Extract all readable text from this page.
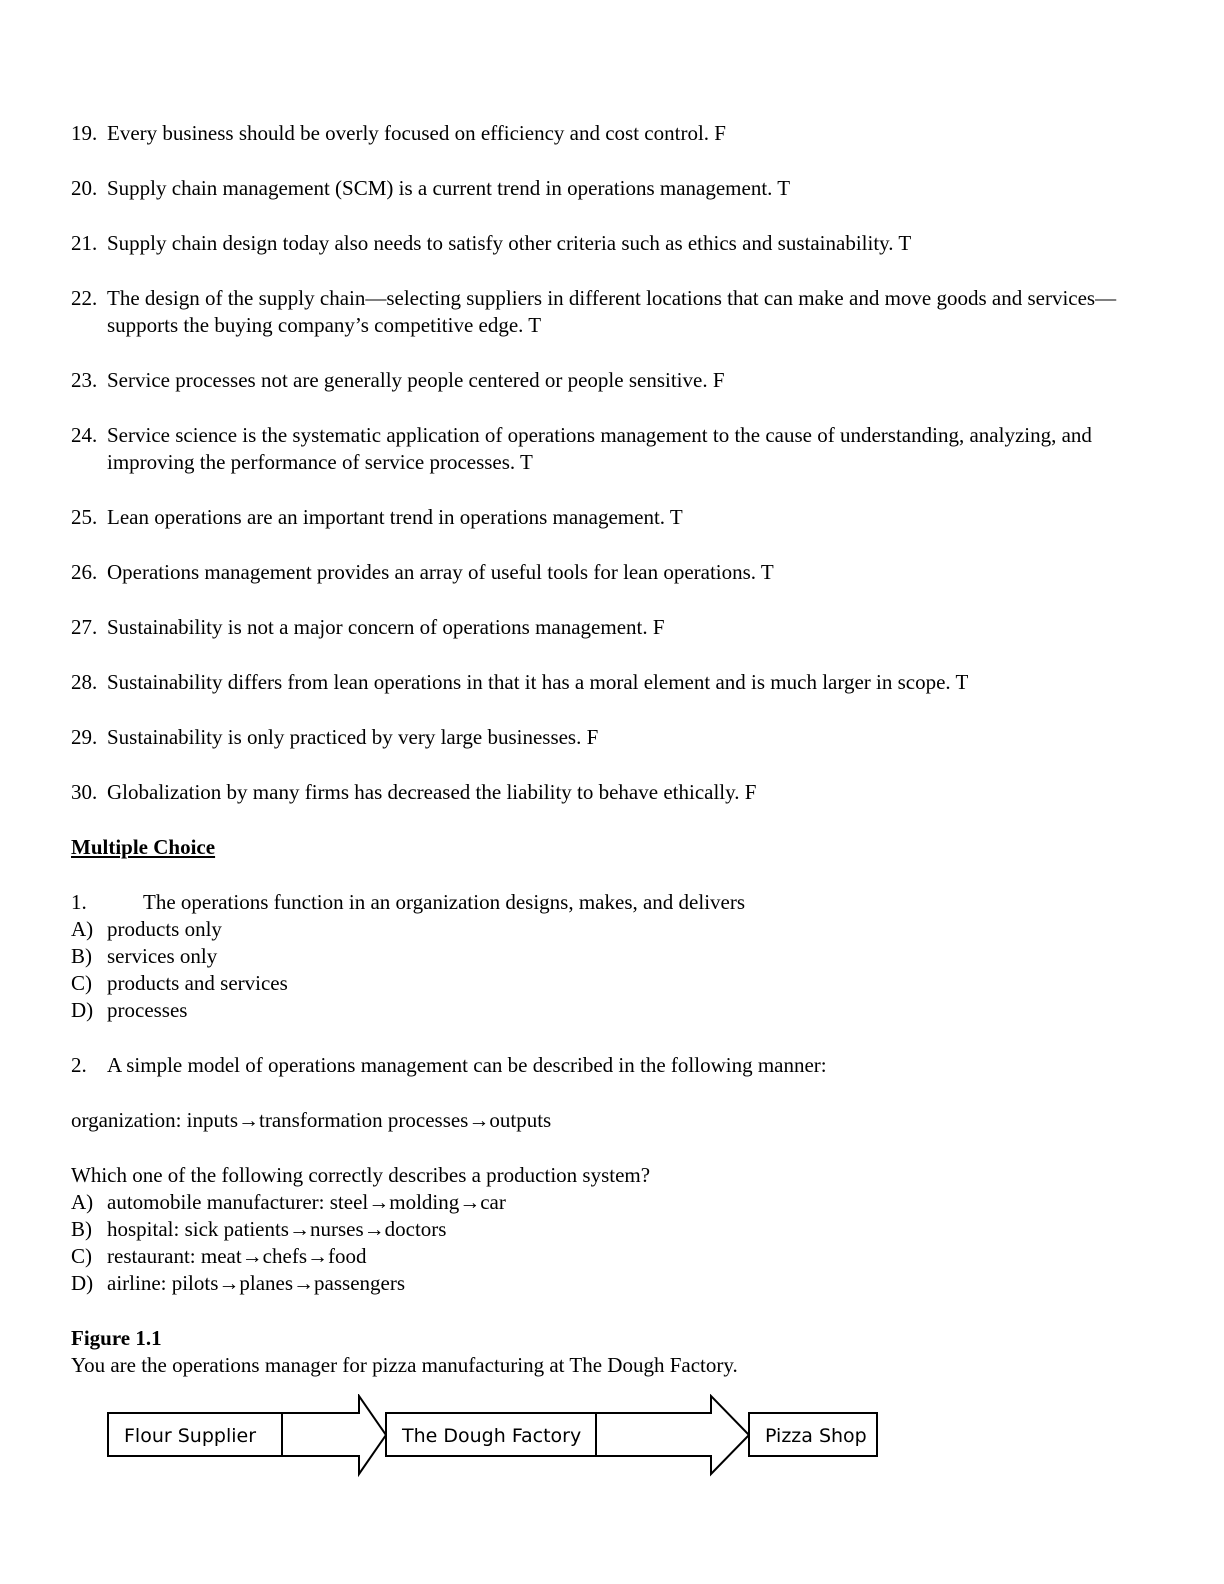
19. Every business should be overly focused on efficiency and cost control. F
20. Supply chain management (SCM) is a current trend in operations management. T
21. Supply chain design today also needs to satisfy other criteria such as ethics and sustainability. T
22. The design of the supply chain—selecting suppliers in different locations that can make and move goods and services—supports the buying company’s competitive edge. T
23. Service processes not are generally people centered or people sensitive. F
24. Service science is the systematic application of operations management to the cause of understanding, analyzing, and improving the performance of service processes. T
25. Lean operations are an important trend in operations management. T
26. Operations management provides an array of useful tools for lean operations. T
27. Sustainability is not a major concern of operations management. F
28. Sustainability differs from lean operations in that it has a moral element and is much larger in scope. T
29. Sustainability is only practiced by very large businesses. F
30. Globalization by many firms has decreased the liability to behave ethically. F
Multiple Choice
1.	The operations function in an organization designs, makes, and delivers
A) products only
B) services only
C) products and services
D) processes
2. A simple model of operations management can be described in the following manner:
organization: inputs→transformation processes→outputs
Which one of the following correctly describes a production system?
A) automobile manufacturer: steel→molding→car
B) hospital: sick patients→nurses→doctors
C) restaurant: meat→chefs→food
D) airline: pilots→planes→passengers
Figure 1.1
You are the operations manager for pizza manufacturing at The Dough Factory.
Flour Supplier	The Dough Factory	Pizza Shop
